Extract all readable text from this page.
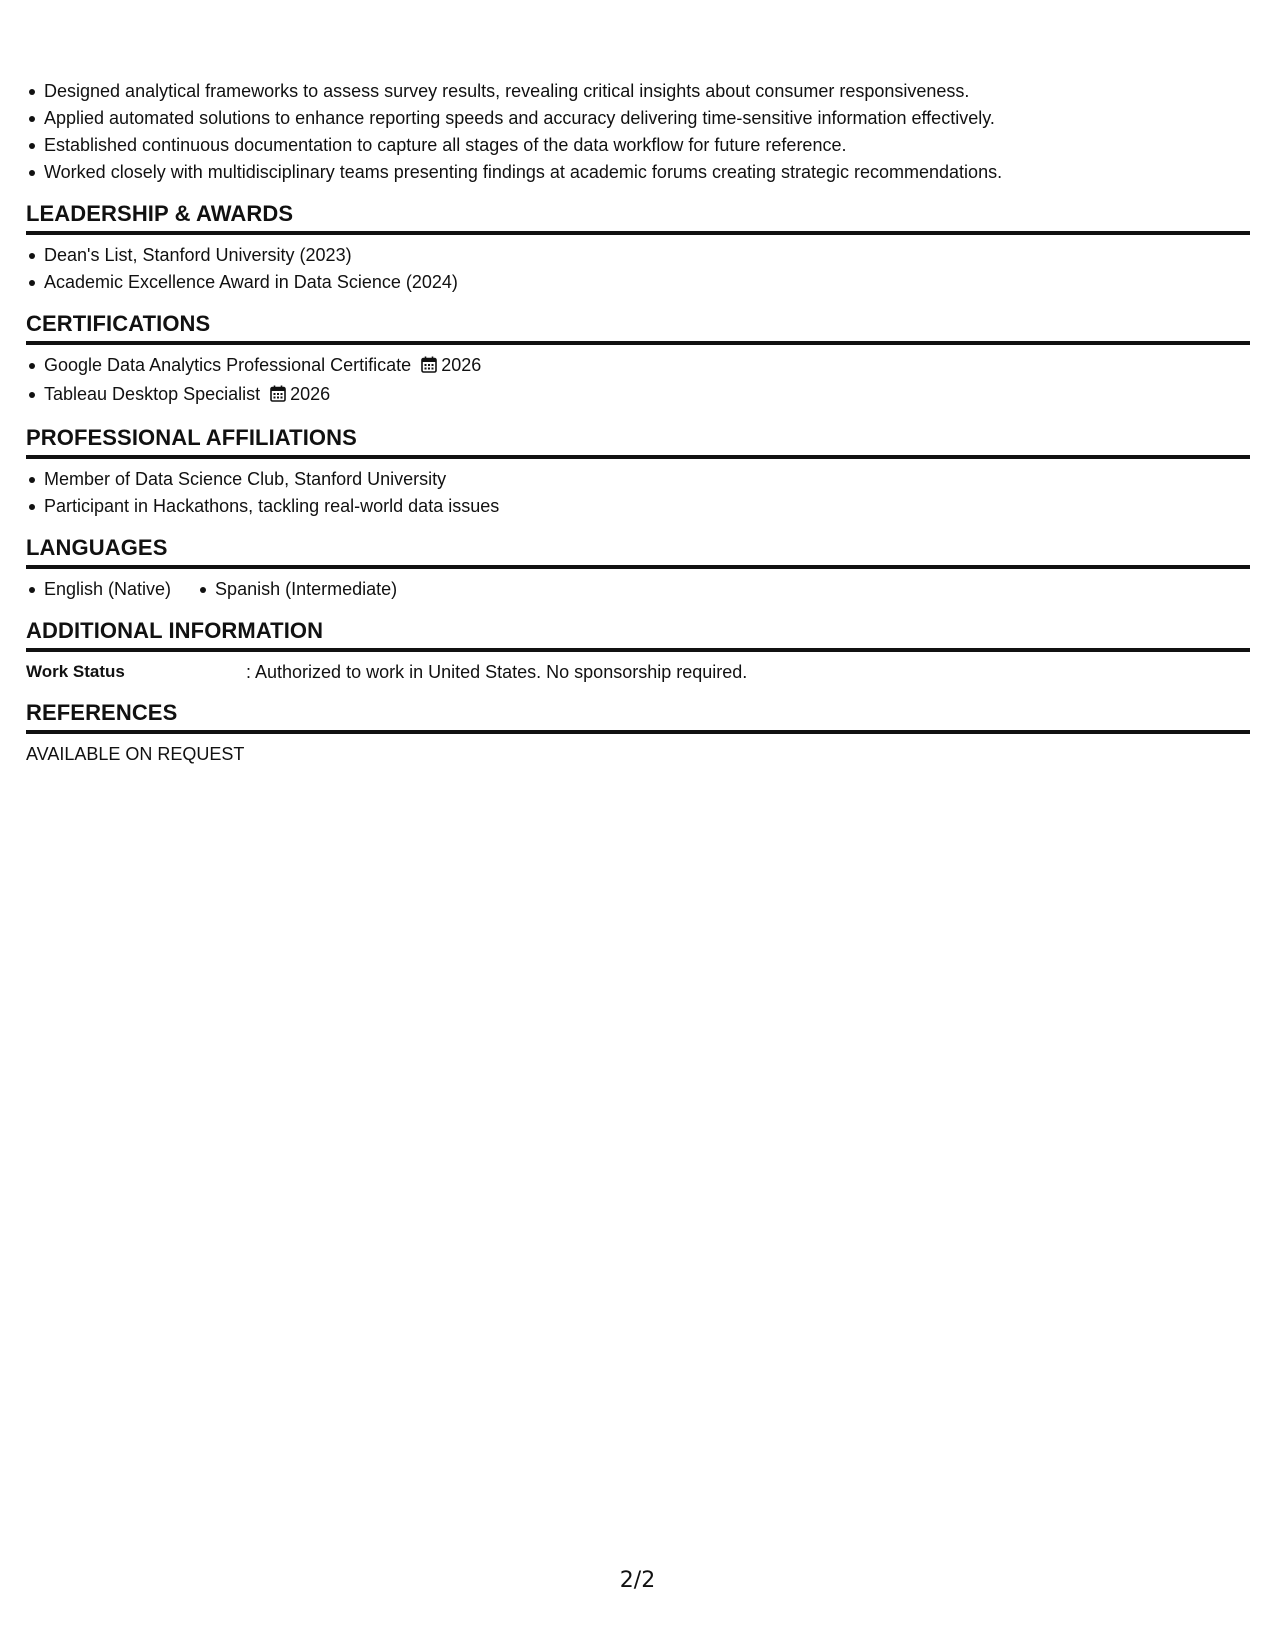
Designed analytical frameworks to assess survey results, revealing critical insights about consumer responsiveness.
Applied automated solutions to enhance reporting speeds and accuracy delivering time-sensitive information effectively.
Established continuous documentation to capture all stages of the data workflow for future reference.
Worked closely with multidisciplinary teams presenting findings at academic forums creating strategic recommendations.
LEADERSHIP & AWARDS
Dean's List, Stanford University (2023)
Academic Excellence Award in Data Science (2024)
CERTIFICATIONS
Google Data Analytics Professional Certificate 2026
Tableau Desktop Specialist 2026
PROFESSIONAL AFFILIATIONS
Member of Data Science Club, Stanford University
Participant in Hackathons, tackling real-world data issues
LANGUAGES
English (Native) Spanish (Intermediate)
ADDITIONAL INFORMATION
Work Status	: Authorized to work in United States. No sponsorship required.
REFERENCES
AVAILABLE ON REQUEST
2/2
